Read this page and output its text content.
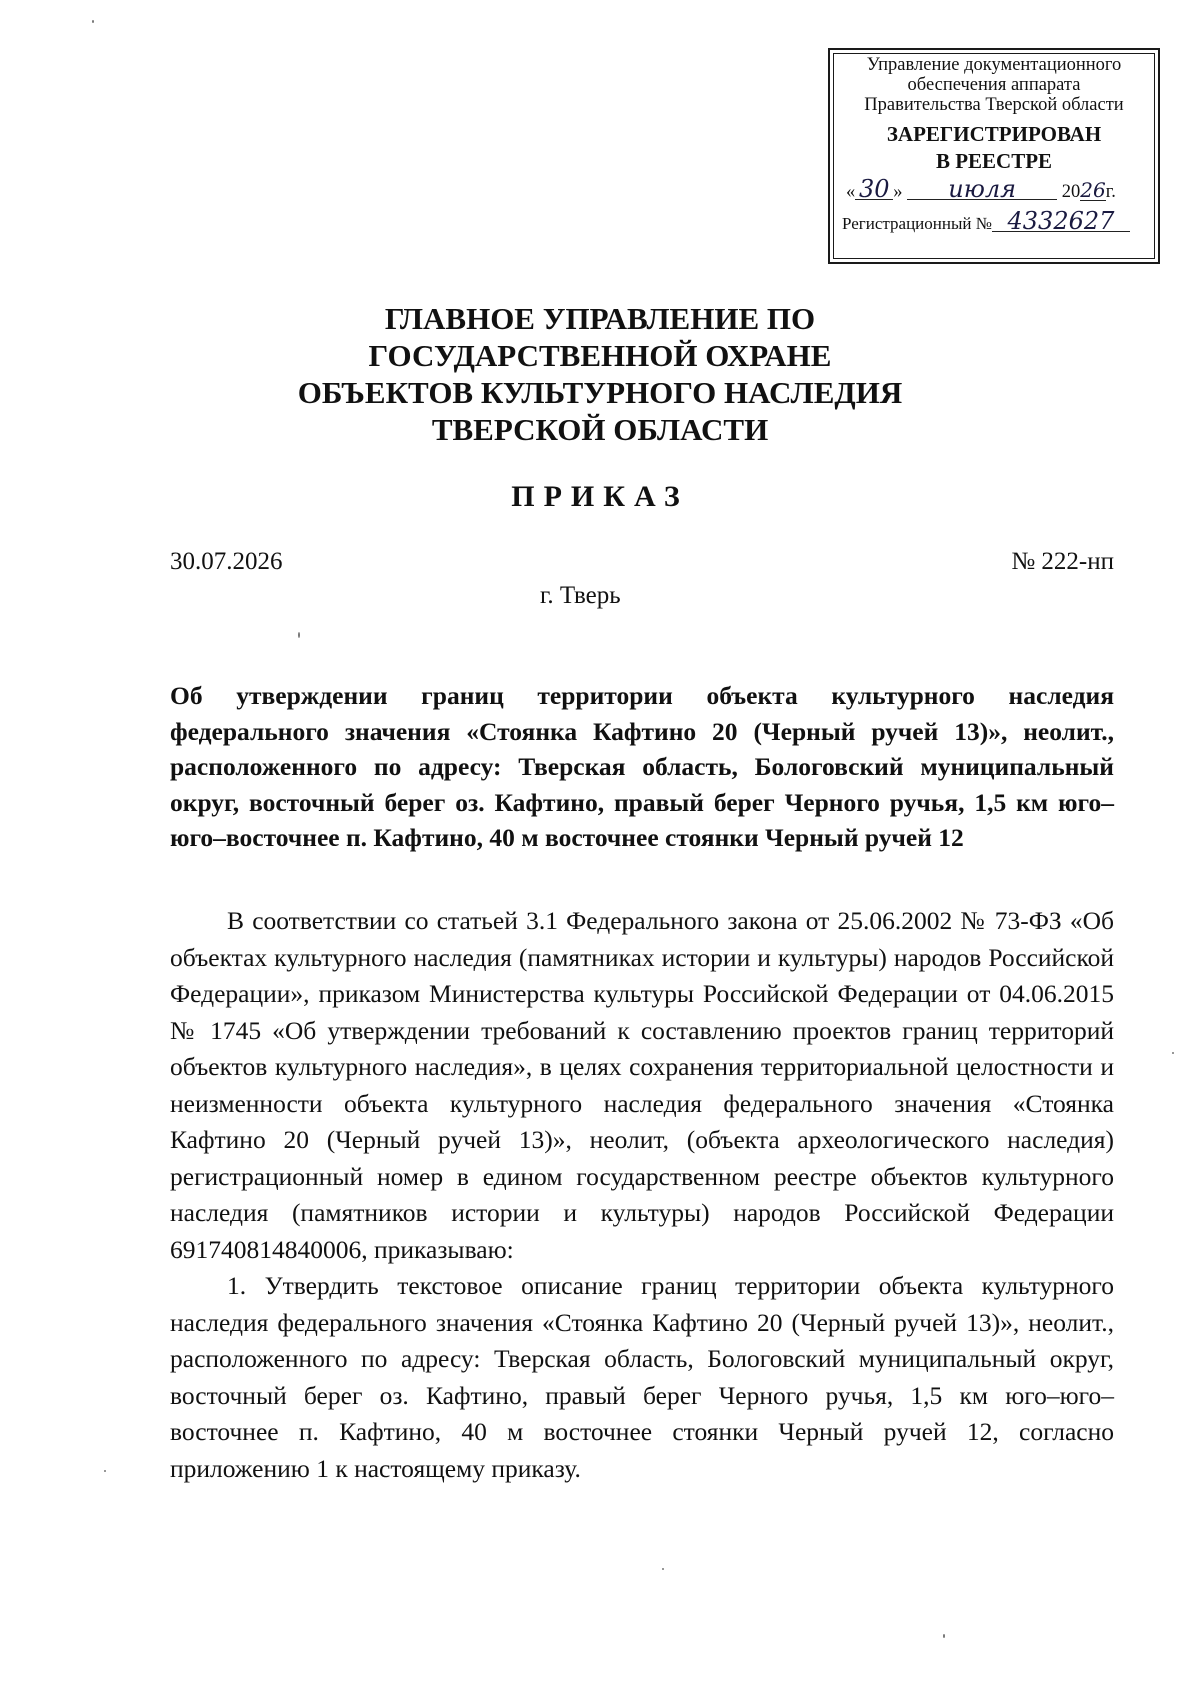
Управление документационного
обеспечения аппарата
Правительства Тверской области
ЗАРЕГИСТРИРОВАН
В РЕЕСТРЕ
« 30 » июля 2026г.
Регистрационный № 4332627
ГЛАВНОЕ УПРАВЛЕНИЕ ПО
ГОСУДАРСТВЕННОЙ ОХРАНЕ
ОБЪЕКТОВ КУЛЬТУРНОГО НАСЛЕДИЯ
ТВЕРСКОЙ ОБЛАСТИ
ПРИКАЗ
30.07.2026	№ 222-нп
г. Тверь
Об утверждении границ территории объекта культурного наследия федерального значения «Стоянка Кафтино 20 (Черный ручей 13)», неолит., расположенного по адресу: Тверская область, Бологовский муниципальный округ, восточный берег оз. Кафтино, правый берег Черного ручья, 1,5 км юго–юго–восточнее п. Кафтино, 40 м восточнее стоянки Черный ручей 12

В соответствии со статьей 3.1 Федерального закона от 25.06.2002 № 73-ФЗ «Об объектах культурного наследия (памятниках истории и культуры) народов Российской Федерации», приказом Министерства культуры Российской Федерации от 04.06.2015 № 1745 «Об утверждении требований к составлению проектов границ территорий объектов культурного наследия», в целях сохранения территориальной целостности и неизменности объекта культурного наследия федерального значения «Стоянка Кафтино 20 (Черный ручей 13)», неолит, (объекта археологического наследия) регистрационный номер в едином государственном реестре объектов культурного наследия (памятников истории и культуры) народов Российской Федерации 691740814840006, приказываю:

1. Утвердить текстовое описание границ территории объекта культурного наследия федерального значения «Стоянка Кафтино 20 (Черный ручей 13)», неолит., расположенного по адресу: Тверская область, Бологовский муниципальный округ, восточный берег оз. Кафтино, правый берег Черного ручья, 1,5 км юго–юго–восточнее п. Кафтино, 40 м восточнее стоянки Черный ручей 12, согласно приложению 1 к настоящему приказу.
